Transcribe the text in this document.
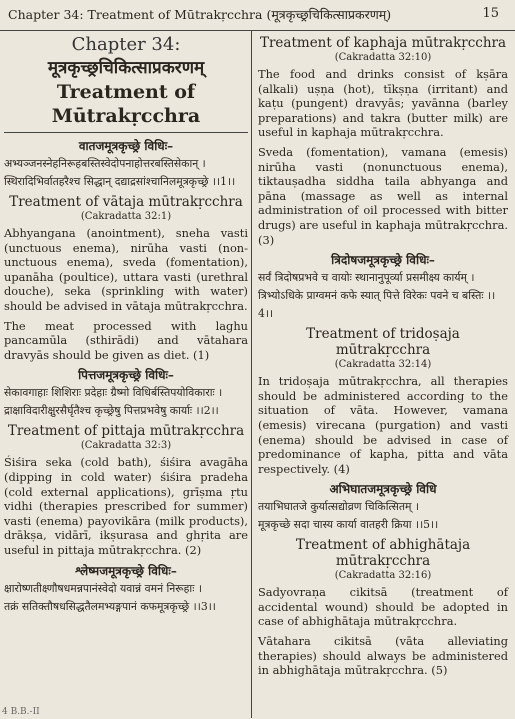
Chapter 34: Treatment of Mūtrakṛcchra (मूत्रकृच्छ्रचिकित्साप्रकरणम्)	15
Chapter 34:
मूत्रकृच्छ्रचिकित्साप्रकरणम्
Treatment of Mūtrakṛcchra
वातजमूत्रकृच्छ्रे विधिः–
अभ्यञ्जनस्नेहनिरूहबस्तिस्वेदोपनाहोत्तरबस्तिसेकान् ।
स्थिरादिभिर्वातहरैश्च सिद्धान् दद्याद्रसांश्चानिलमूत्रकृच्छ्रे ।।1।।
Treatment of vātaja mūtrakṛcchra
(Cakradatta 32:1)

Abhyangana (anointment), sneha vasti (unctuous enema), nirūha vasti (non-unctuous enema), sveda (fomentation), upanāha (poultice), uttara vasti (urethral douche), seka (sprinkling with water) should be advised in vātaja mūtrakṛcchra.

The meat processed with laghu pancamūla (sthirādi) and vātahara dravyās should be given as diet. (1)

पित्तजमूत्रकृच्छ्रे विधिः–
सेकावगाहाः शिशिराः प्रदेहाः ग्रैष्मो विधिर्बस्तिपयोविकाराः ।
द्राक्षाविदारीक्षुरसैर्घृतैश्च कृच्छ्रेषु पित्तप्रभवेषु कार्याः ।।2।।
Treatment of pittaja mūtrakṛcchra
(Cakradatta 32:3)

Śiśira seka (cold bath), śiśira avagāha (dipping in cold water) śiśira pradeha (cold external applications), grīṣma ṛtu vidhi (therapies prescribed for summer) vasti (enema) payovikāra (milk products), drākṣa, vidārī, ikṣurasa and ghṛita are useful in pittaja mūtrakṛcchra. (2)

श्लेष्मजमूत्रकृच्छ्रे विधिः–
क्षारोष्णतीक्ष्णौषधमन्नपानंस्वेदो यवान्नं वमनं निरूहाः ।
तक्रं सतिक्तौषधसिद्धतैलमभ्यङ्गपानं कफमूत्रकृच्छ्रे ।।3।।
Treatment of kaphaja mūtrakṛcchra
(Cakradatta 32:10)

The food and drinks consist of kṣāra (alkali) uṣṇa (hot), tīkṣṇa (irritant) and kaṭu (pungent) dravyās; yavānna (barley preparations) and takra (butter milk) are useful in kaphaja mūtrakṛcchra.

Sveda (fomentation), vamana (emesis) nirūha vasti (nonunctuous enema), tiktauṣadha siddha taila abhyanga and pāna (massage as well as internal administration of oil processed with bitter drugs) are useful in kaphaja mūtrakṛcchra. (3)

त्रिदोषजमूत्रकृच्छ्रे विधिः–
सर्वं त्रिदोषप्रभवे च वायोः स्थानानुपूर्व्या प्रसमीक्ष्य कार्यम् ।
त्रिभ्योऽधिके प्राग्वमनं कफे स्यात् पित्ते विरेकः पवने च बस्तिः ।।4।।
Treatment of tridoṣaja
mūtrakṛcchra
(Cakradatta 32:14)

In tridoṣaja mūtrakṛcchra, all therapies should be administered according to the situation of vāta. However, vamana (emesis) virecana (purgation) and vasti (enema) should be advised in case of predominance of kapha, pitta and vāta respectively. (4)

अभिघातजमूत्रकृच्छ्रे विधि
तयाभिघातजे कुर्यात्सद्योव्रण चिकित्सितम् ।
मूत्रकृच्छे सदा चास्य कार्या वातहरी क्रिया ।।5।।
Treatment of abhighātaja
mūtrakṛcchra
(Cakradatta 32:16)

Sadyovraṇa cikitsā (treatment of accidental wound) should be adopted in case of abhighātaja mūtrakṛcchra.

Vātahara cikitsā (vāta alleviating therapies) should always be administered in abhighātaja mūtrakṛcchra. (5)

4 B.B.-II
